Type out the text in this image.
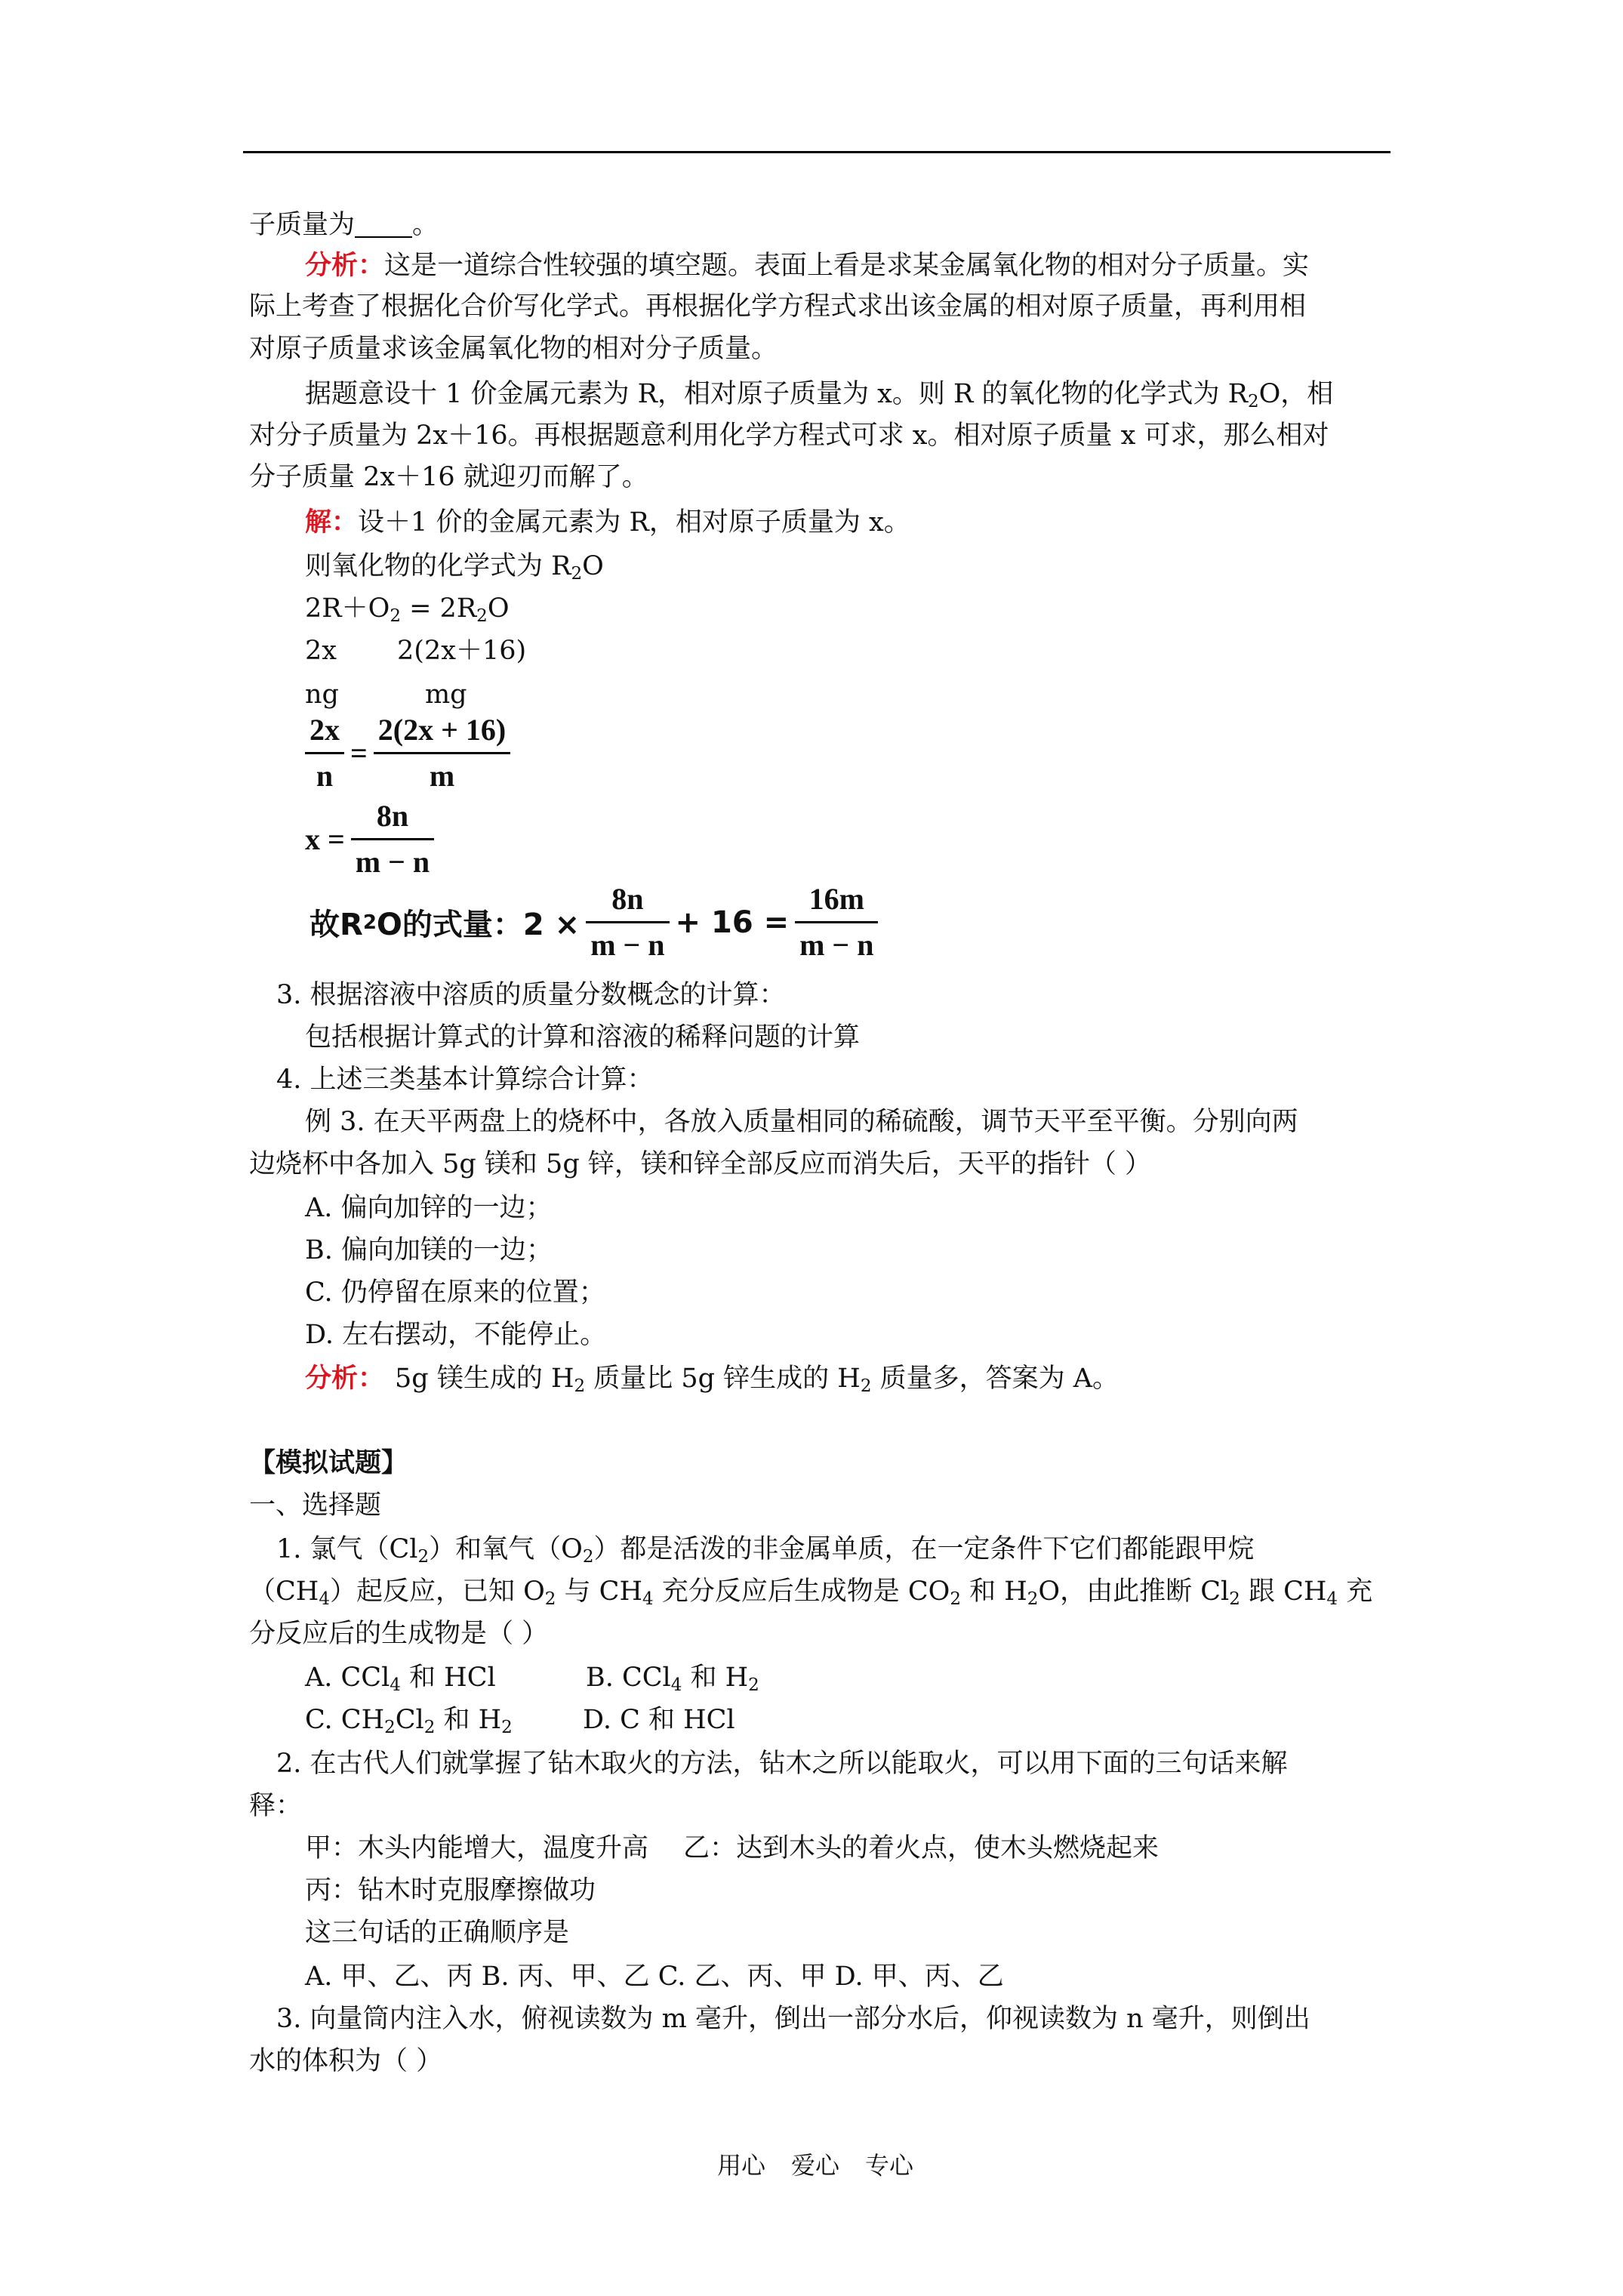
子质量为 。
分析：这是一道综合性较强的填空题。表面上看是求某金属氧化物的相对分子质量。实
际上考查了根据化合价写化学式。再根据化学方程式求出该金属的相对原子质量，再利用相
对原子质量求该金属氧化物的相对分子质量。
据题意设十 1 价金属元素为 R，相对原子质量为 x。则 R 的氧化物的化学式为 $R_2O$，相
对分子质量为 2x＋16。再根据题意利用化学方程式可求 x。相对原子质量 x 可求，那么相对
分子质量 2x＋16 就迎刃而解了。
解：设＋1 价的金属元素为 R，相对原子质量为 x。
则氧化物的化学式为 $R_2O$
$2R+O_2 = 2R_2O$
2x 2(2x＋16)
ng	mg
$\frac{2x}{n} = \frac{2(2x + 16)}{m}$
$x = \frac{8n}{m - n}$
故R 2 O的式量：$2 \times \frac{8n}{m - n} + 16 = \frac{16m}{m - n}$
3. 根据溶液中溶质的质量分数概念的计算：
包括根据计算式的计算和溶液的稀释问题的计算
4. 上述三类基本计算综合计算：
例 3. 在天平两盘上的烧杯中，各放入质量相同的稀硫酸，调节天平至平衡。分别向两
边烧杯中各加入 5g 镁和 5g 锌，镁和锌全部反应而消失后，天平的指针（ ）
A. 偏向加锌的一边；
B. 偏向加镁的一边；
C. 仍停留在原来的位置；
D. 左右摆动，不能停止。
分析： 5g 镁生成的 $H_2$ 质量比 5g 锌生成的 $H_2$ 质量多，答案为 A。
【模拟试题】
一、选择题
1. 氯气$(Cl_2)$和氧气$(O_2)$都是活泼的非金属单质，在一定条件下它们都能跟甲烷
$(CH_4)$起反应，已知 $O_2$ 与 $CH_4$ 充分反应后生成物是 $CO_2$ 和 $H_2O$，由此推断 $Cl_2$ 跟 $CH_4$ 充
分反应后的生成物是（ ）
A. CCl$_4$ 和 HCl	B. CCl$_4$ 和 $H_2$
C. $CH_2Cl_2$ 和 $H_2$	D. C 和 HCl
2. 在古代人们就掌握了钻木取火的方法，钻木之所以能取火，可以用下面的三句话来解
释：
甲：木头内能增大，温度升高 乙：达到木头的着火点，使木头燃烧起来
丙：钻木时克服摩擦做功
这三句话的正确顺序是
A. 甲、乙、丙 B. 丙、甲、乙 C. 乙、丙、甲 D. 甲、丙、乙
3. 向量筒内注入水，俯视读数为 m 毫升，倒出一部分水后，仰视读数为 n 毫升，则倒出
水的体积为（ ）
用心 爱心 专心
